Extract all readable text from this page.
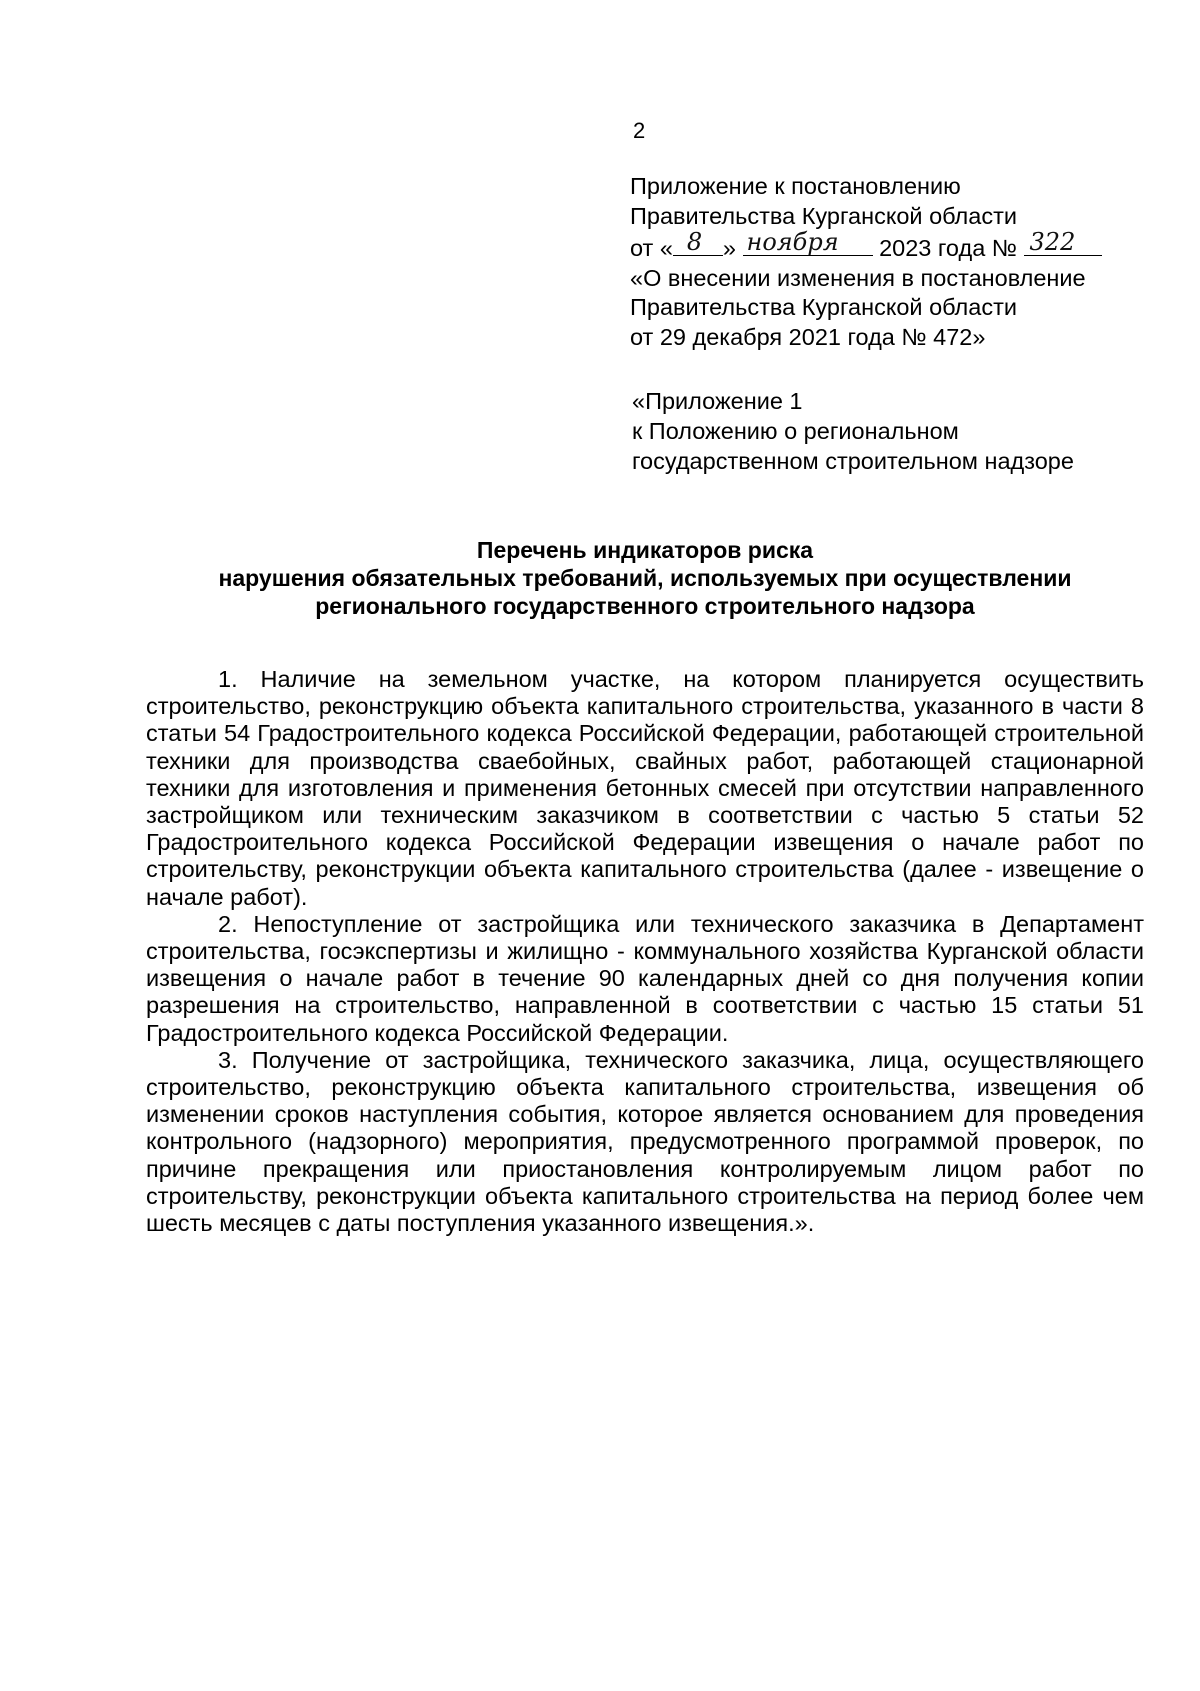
2
Приложение к постановлению
Правительства Курганской области
от « 8 » ноября 2023 года № 322
«О внесении изменения в постановление
Правительства Курганской области
от 29 декабря 2021 года № 472»
«Приложение 1
к Положению о региональном
государственном строительном надзоре
Перечень индикаторов риска
нарушения обязательных требований, используемых при осуществлении
регионального государственного строительного надзора

1. Наличие на земельном участке, на котором планируется осуществить строительство, реконструкцию объекта капитального строительства, указанного в части 8 статьи 54 Градостроительного кодекса Российской Федерации, работающей строительной техники для производства сваебойных, свайных работ, работающей стационарной техники для изготовления и применения бетонных смесей при отсутствии направленного застройщиком или техническим заказчиком в соответствии с частью 5 статьи 52 Градостроительного кодекса Российской Федерации извещения о начале работ по строительству, реконструкции объекта капитального строительства (далее - извещение о начале работ).

2. Непоступление от застройщика или технического заказчика в Департамент строительства, госэкспертизы и жилищно - коммунального хозяйства Курганской области извещения о начале работ в течение 90 календарных дней со дня получения копии разрешения на строительство, направленной в соответствии с частью 15 статьи 51 Градостроительного кодекса Российской Федерации.

3. Получение от застройщика, технического заказчика, лица, осуществляющего строительство, реконструкцию объекта капитального строительства, извещения об изменении сроков наступления события, которое является основанием для проведения контрольного (надзорного) мероприятия, предусмотренного программой проверок, по причине прекращения или приостановления контролируемым лицом работ по строительству, реконструкции объекта капитального строительства на период более чем шесть месяцев с даты поступления указанного извещения.».
